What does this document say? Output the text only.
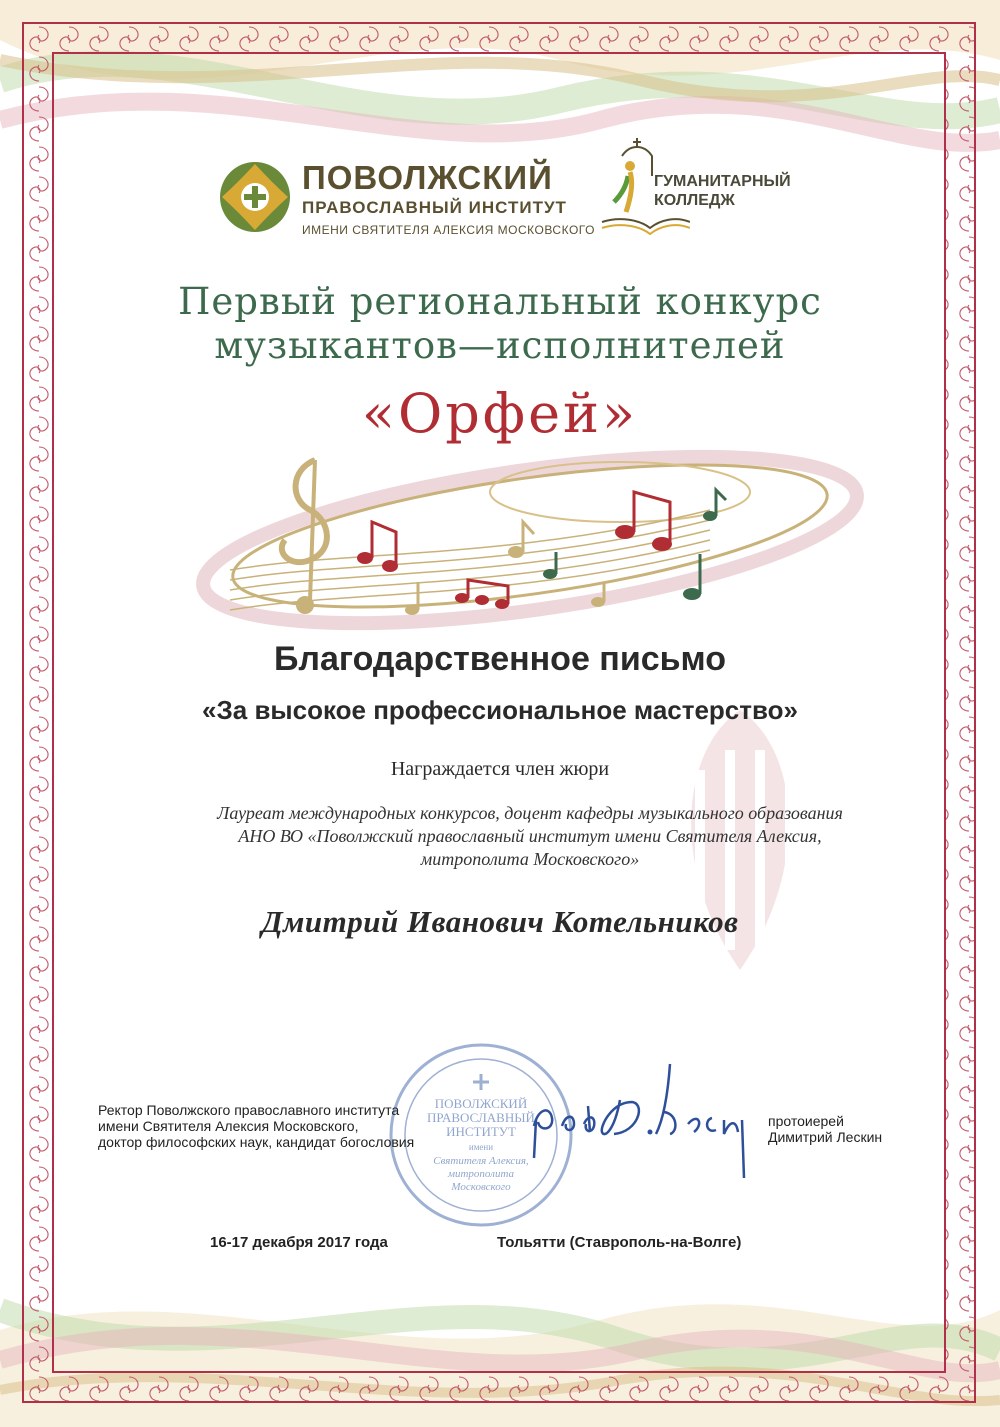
ПОВОЛЖСКИЙ
ПРАВОСЛАВНЫЙ ИНСТИТУТ
ИМЕНИ СВЯТИТЕЛЯ АЛЕКСИЯ МОСКОВСКОГО
ГУМАНИТАРНЫЙ
КОЛЛЕДЖ
Первый региональный конкурс
музыкантов—исполнителей
«Орфей»
Благодарственное письмо
«За высокое профессиональное мастерство»
Награждается член жюри
Лауреат международных конкурсов, доцент кафедры музыкального образования
АНО ВО «Поволжский православный институт имени Святителя Алексия,
митрополита Московского»
Дмитрий Иванович Котельников
ПОВОЛЖСКИЙ
ПРАВОСЛАВНЫЙ
ИНСТИТУТ
имени
Святителя Алексия,
митрополита
Московского
Ректор Поволжского православного института
имени Святителя Алексия Московского,
доктор философских наук, кандидат богословия
протоиерей
Димитрий Лескин
16-17 декабря 2017 года	Тольятти (Ставрополь-на-Волге)
